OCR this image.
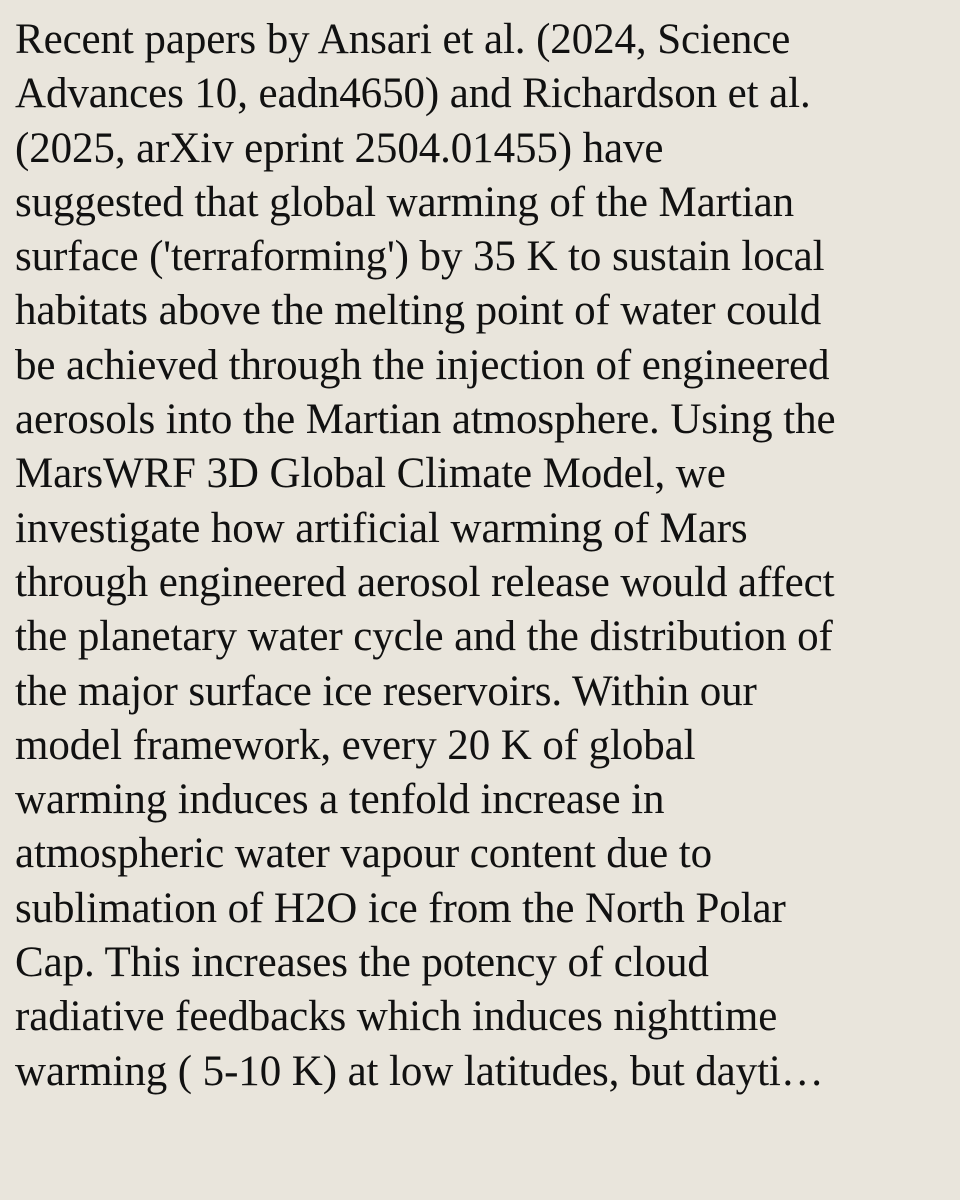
Recent papers by Ansari et al. (2024, Science
Advances 10, eadn4650) and Richardson et al.
(2025, arXiv eprint 2504.01455) have
suggested that global warming of the Martian
surface ('terraforming') by 35 K to sustain local
habitats above the melting point of water could
be achieved through the injection of engineered
aerosols into the Martian atmosphere. Using the
MarsWRF 3D Global Climate Model, we
investigate how artificial warming of Mars
through engineered aerosol release would affect
the planetary water cycle and the distribution of
the major surface ice reservoirs. Within our
model framework, every 20 K of global
warming induces a tenfold increase in
atmospheric water vapour content due to
sublimation of H2O ice from the North Polar
Cap. This increases the potency of cloud
radiative feedbacks which induces nighttime
warming ( 5-10 K) at low latitudes, but dayti…
